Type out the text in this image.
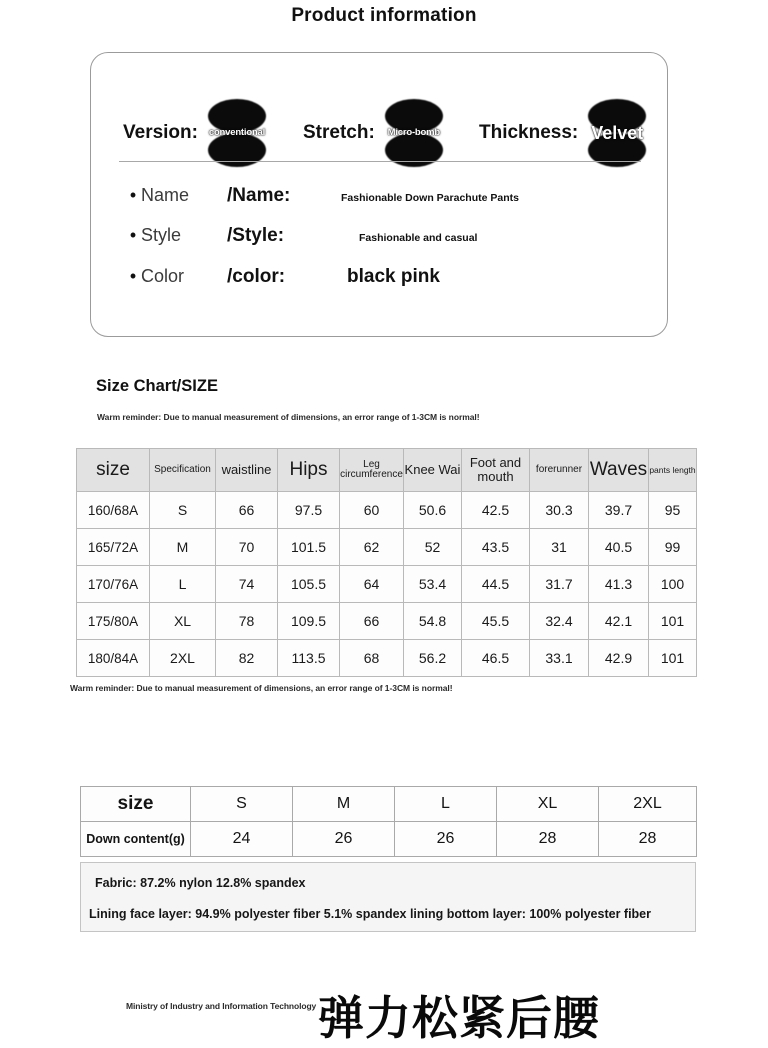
Product information
Version: conventional Stretch: Micro-bomb Thickness: Velvet
• Name	/Name:	Fashionable Down Parachute Pants
• Style	/Style:	Fashionable and casual
• Color	/color:	black pink
Size Chart/SIZE
Warm reminder: Due to manual measurement of dimensions, an error range of 1-3CM is normal!
size	Specification	waistline	Hips	Leg circumference	Knee Wai	Foot and mouth	forerunner	Waves	pants length
160/68A	S	66	97.5	60	50.6	42.5	30.3	39.7	95
165/72A	M	70	101.5	62	52	43.5	31	40.5	99
170/76A	L	74	105.5	64	53.4	44.5	31.7	41.3	100
175/80A	XL	78	109.5	66	54.8	45.5	32.4	42.1	101
180/84A	2XL	82	113.5	68	56.2	46.5	33.1	42.9	101
Warm reminder: Due to manual measurement of dimensions, an error range of 1-3CM is normal!
size	S	M	L	XL	2XL
Down content(g)	24	26	26	28	28
Fabric: 87.2% nylon 12.8% spandex
Lining face layer: 94.9% polyester fiber 5.1% spandex lining bottom layer: 100% polyester fiber
Ministry of Industry and Information Technology 弹力松紧后腰
